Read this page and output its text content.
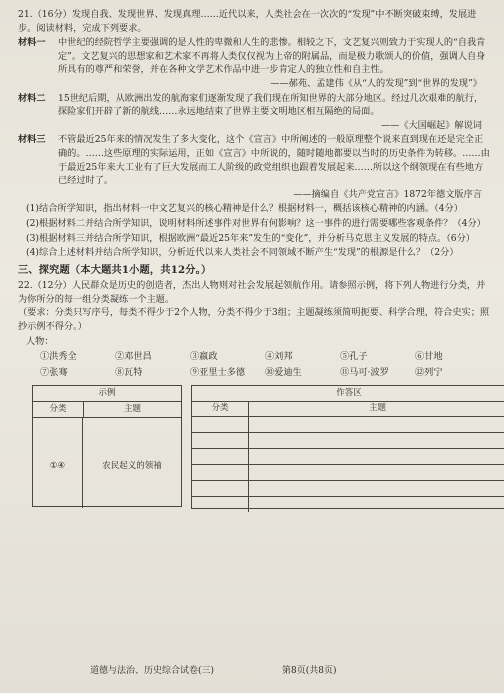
21.（16分）发现自我、发现世界、发现真理……近代以来，人类社会在一次次的“发现”中不断突破束缚，发展进步。阅读材料，完成下列要求。

材料一	中世纪的经院哲学主要强调的是人性的卑微和人生的悲惨。相较之下，文艺复兴则致力于实现人的“自我肯定”。文艺复兴的思想家和艺术家不再将人类仅仅视为上帝的附属品，而是极力歌颂人的价值，强调人自身所具有的尊严和荣誉，并在各种文学艺术作品中进一步肯定人的独立性和自主性。

——郝苑、孟建伟《从“人的发现”到“世界的发现”》

材料二	15世纪后期，从欧洲出发的航海家们逐渐发现了我们现在所知世界的大部分地区。经过几次艰难的航行，探险家们开辟了新的航线……永远地结束了世界主要文明地区相互隔绝的局面。

——《大国崛起》解说词

材料三	不管最近25年来的情况发生了多大变化，这个《宣言》中所阐述的一般原理整个说来直到现在还是完全正确的。……这些原理的实际运用，正如《宣言》中所说的，随时随地都要以当时的历史条件为转移。……由于最近25年来大工业有了巨大发展而工人阶级的政党组织也跟着发展起来……所以这个纲领现在有些地方已经过时了。

——摘编自《共产党宣言》1872年德文版序言

(1)结合所学知识，指出材料一中文艺复兴的核心精神是什么？根据材料一，概括该核心精神的内涵。（4分）

(2)根据材料二并结合所学知识，说明材料所述事件对世界有何影响？这一事件的进行需要哪些客观条件？（4分）

(3)根据材料三并结合所学知识，根据欧洲“最近25年来”发生的“变化”，并分析马克思主义发展的特点。（6分）

(4)综合上述材料并结合所学知识，分析近代以来人类社会不同领域不断产生“发现”的根源是什么？（2分）

三、探究题（本大题共1小题，共12分。）

22.（12分）人民群众是历史的创造者，杰出人物则对社会发展起领航作用。请参照示例，将下列人物进行分类，并为你所分的每一组分类凝练一个主题。

（要求：分类只写序号，每类不得少于2个人物，分类不得少于3组；主题凝练须简明扼要、科学合理，符合史实；照抄示例不得分。）

人物：
①洪秀全	②邓世昌	③嬴政	④刘邦	⑤孔子	⑥甘地
⑦张骞	⑧瓦特	⑨亚里士多德	⑩爱迪生	⑪马可·波罗	⑫列宁
示例
分类	主题
①④	农民起义的领袖
作答区
分类	主题
道德与法治、历史综合试卷(三)	第8页(共8页)
